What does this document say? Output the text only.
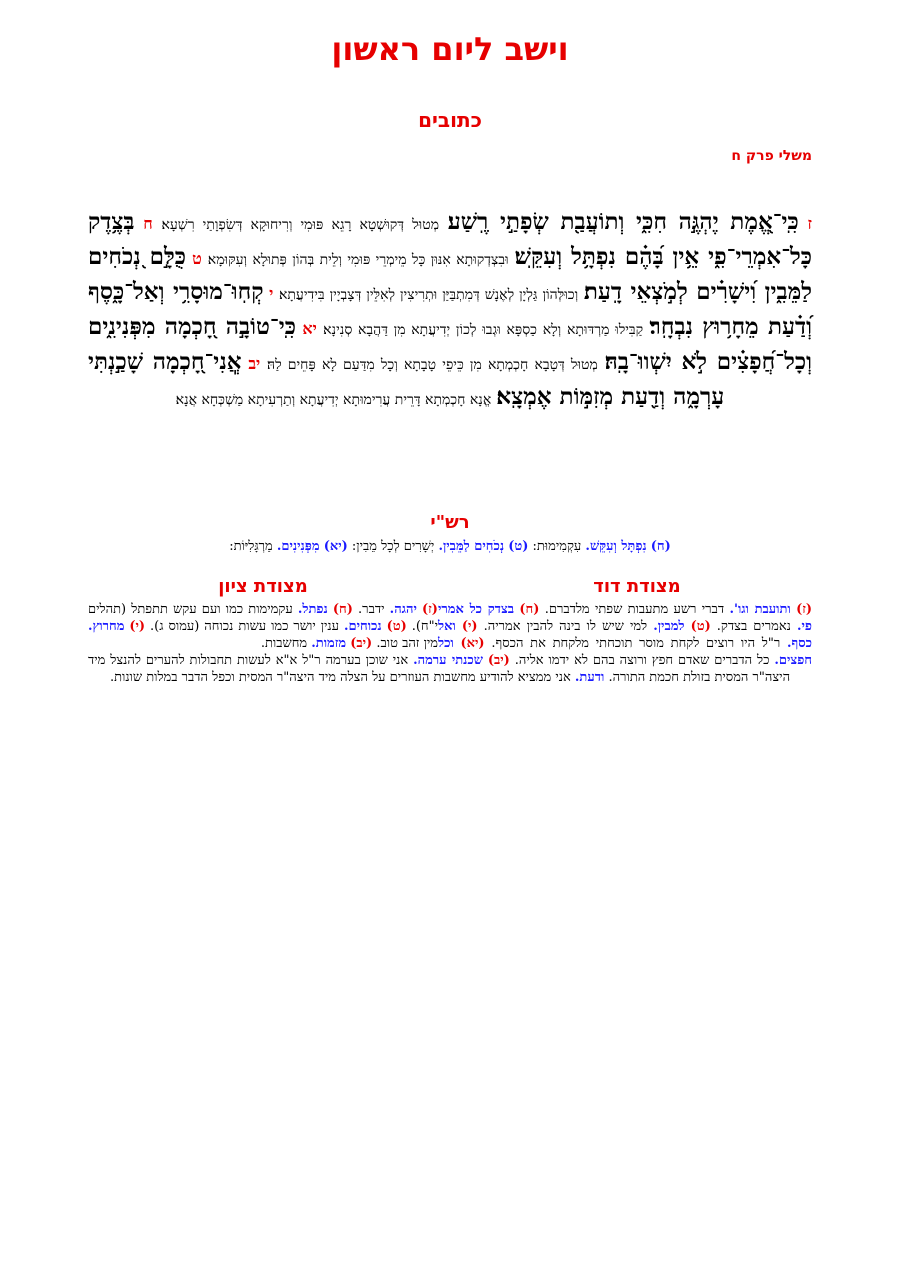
וישב ליום ראשון
כתובים
משלי פרק ח
ז כִּֽי־אֱ֭מֶת יֶהְגֶּ֣ה חִכִּ֑י וְתוֹעֲבַ֖ת שְׂפָתַ֣י רֶֽשַׁע׃ מְטוּל דְּקוּשְׁטָא רָגֵא פּוּמִי וְרִיחוּקָא דְּשִׂפְוָתַי רִשְׁעָא׃ ח בְּצֶ֥דֶק כָּל־אִמְרֵי־פִ֑י אֵ֥ין בָּ֝הֶ֗ם נִפְתָּ֥ל וְעִקֵּֽשׁ׃ וּבִצְדְקוּתָא אִנּוּן כָּל מֵימְרֵי פּוּמִי וְלֵית בְּהוֹן פְּתוּלָא וְעִקּוּמָא׃ ט כֻּלָּ֣ם נְ֭כֹחִים לַמֵּבִ֑ין וִ֝ישָׁרִ֗ים לְמֹ֣צְאֵי דָֽעַת׃ וְכוּלְּהוֹן גַּלְיָן לְאֶנָשׁ דְּמִתְבַּיַּן וּתְרִיצִין לְאִלֵּין דְּצָבְיָין בִּידִיעֲתָא׃ י קְחֽוּ־מוּסָרִ֥י וְאַל־כָּ֑סֶף וְ֝דַ֗עַת מֵחָר֥וּץ נִבְחָֽר׃ קַבִּילוּ מַרְדּוּתָא וְלָא כַסְפָּא וּגְבוּ לְכוֹן יְדִיעֲתָא מִן דַּהֲבָא סְנִינָא׃ יא כִּֽי־טוֹבָ֣ה חָ֭כְמָה מִפְּנִינִ֑ים וְכָל־חֲ֝פָצִ֗ים לֹ֣א יִשְׁווּ־בָֽהּ׃ מְטוּל דְּטָבָא חָכְמְתָא מִן כֵּיפֵי טָבָתָא וְכָל מִדַּעַם לָא פָּחֵים לַהּ׃ יב אֲֽנִי־חָ֭כְמָה שָׁכַ֣נְתִּי עָרְמָ֑ה וְדַ֖עַת מְזִמּ֣וֹת אֶמְצָֽא׃ אֱנָא חָכְמְתָא דָּרֵית עֲרִימוּתָא יְדִיעֲתָא וְתַרְעִיתָא מַשְׁכְּחָא אֲנָא׃
רש"י
(ח) נִפְתָּל וְעִקֵּשׁ. עִקְמִימוּת: (ט) נְכֹחִים לַמֵּבִין. יְשָׁרִים לְכָל מֵבִין: (יא) מִפְּנִינִים. מַרְגָּלִיּוֹת:
מצודת דוד
מצודת ציון

(ז) יהגה. ידבר. (ח) נפתל. עקמימות כמו ועם עקש תתפתל (תהלים י"ח). (ט) נכוחים. ענין יושר כמו עשות נכוחה (עמוס ג). (י) מחרוץ. מין זהב טוב. (יב) מזמות. מחשבות.

(ז) ותועבת וגו'. דברי רשע מתעבות שפתי מלדברם. (ח) בצדק כל אמרי פי. נאמרים בצדק. (ט) למבין. למי שיש לו בינה להבין אמריה. (י) ואל כסף. ר"ל היו רוצים לקחת מוסר תוכחתי מלקחת את הכסף. (יא) וכל חפצים. כל הדברים שאדם חפץ ורוצה בהם לא ידמו אליה. (יב) שכנתי ערמה. אני שוכן בערמה ר"ל א"א לעשות תחבולות להערים להנצל מיד היצה"ר המסית בזולת חכמת התורה. ודעת. אני ממציא להודיע מחשבות העוזרים על הצלה מיד היצה"ר המסית וכפל הדבר במלות שונות.
